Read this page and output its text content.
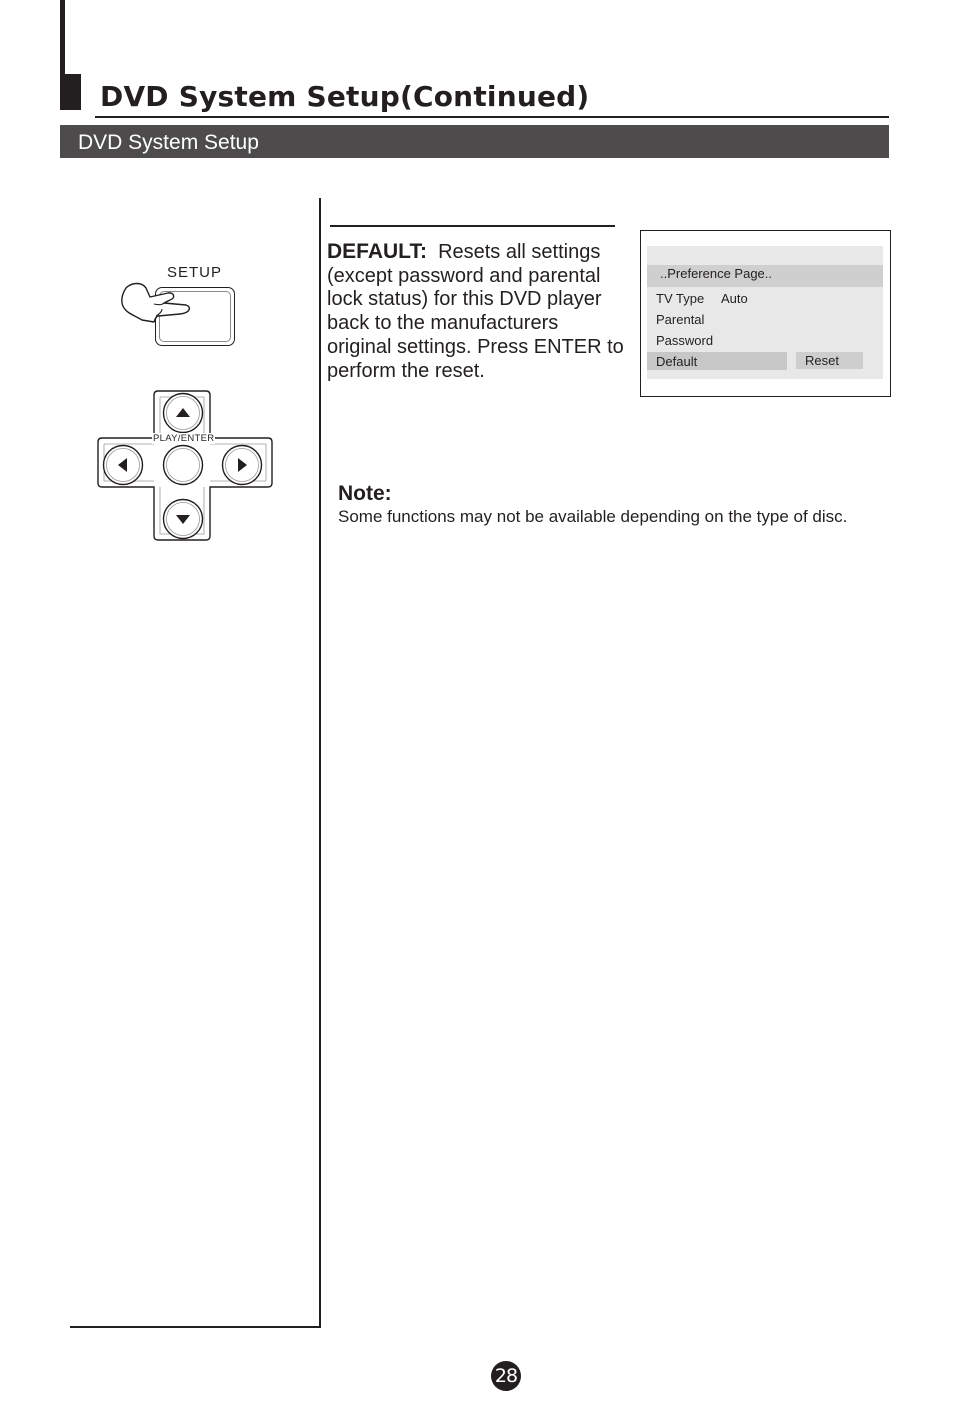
DVD System Setup(Continued)
DVD System Setup
SETUP
PLAY/ENTER

DEFAULT: Resets all settings (except password and parental lock status) for this DVD player back to the manufacturers original settings. Press ENTER to perform the reset.

..Preference Page..
TV Type Auto
Parental
Password
Default	Reset
Note:
Some functions may not be available depending on the type of disc.
28
